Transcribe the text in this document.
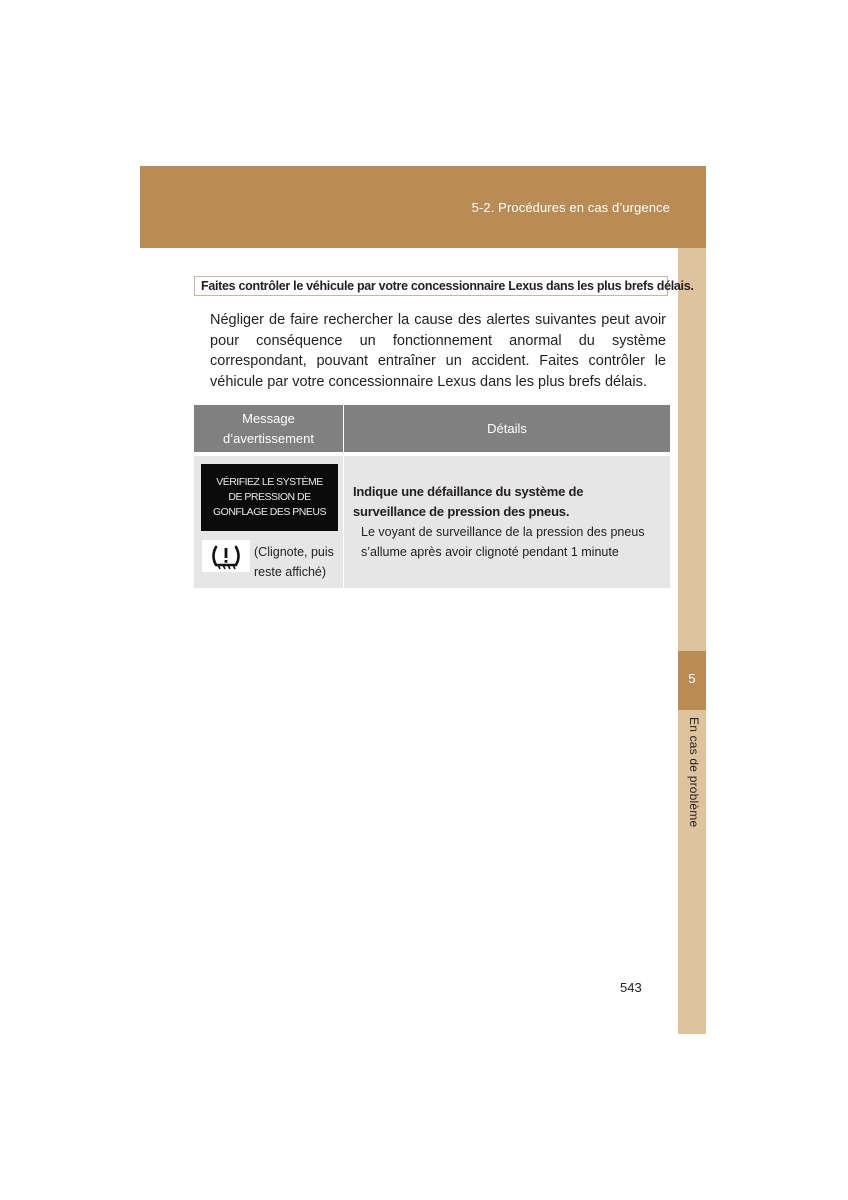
5-2. Procédures en cas d’urgence
5
En cas de problème
Faites contrôler le véhicule par votre concessionnaire Lexus dans les plus brefs délais.

Négliger de faire rechercher la cause des alertes suivantes peut avoir pour conséquence un fonctionnement anormal du système correspondant, pouvant entraîner un accident. Faites contrôler le véhicule par votre concessionnaire Lexus dans les plus brefs délais.

Message d’avertissement
Détails
VÉRIFIEZ LE SYSTÈME
DE PRESSION DE
GONFLAGE DES PNEUS
(Clignote, puis
reste affiché)

Indique une défaillance du système de surveillance de pression des pneus.

Le voyant de surveillance de la pression des pneus s’allume après avoir clignoté pendant 1 minute

543
